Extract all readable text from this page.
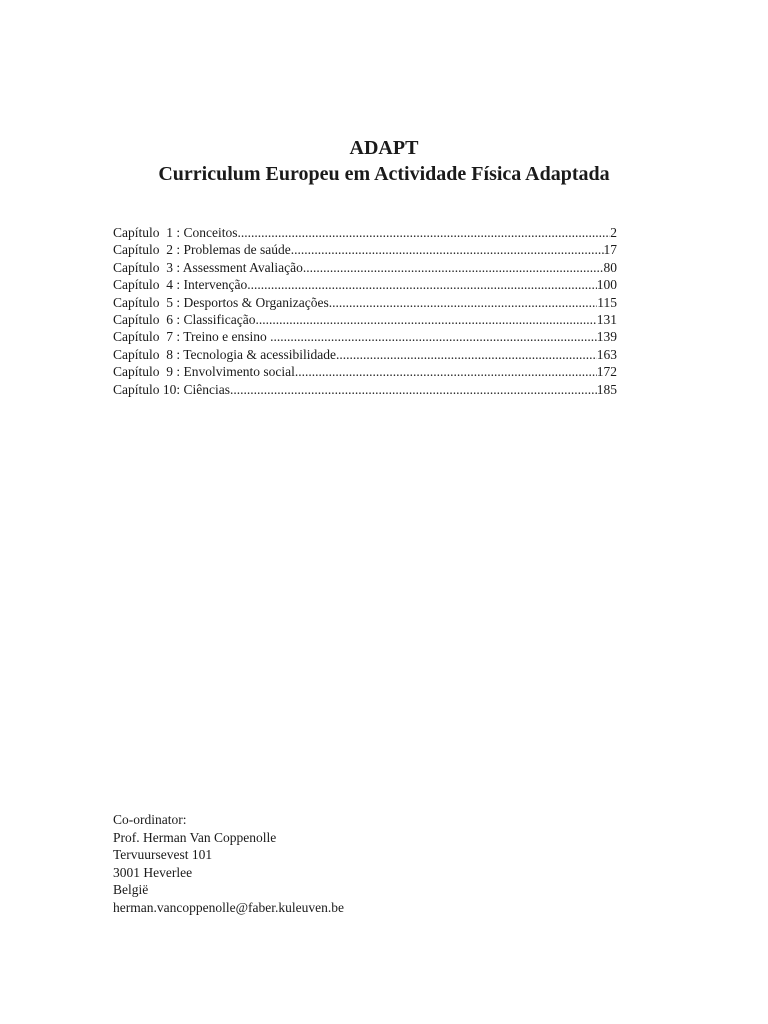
ADAPT
Curriculum Europeu em Actividade Física Adaptada
Capítulo  1 : Conceitos .....	2
Capítulo  2 : Problemas de saúde .....	17
Capítulo  3 : Assessment Avaliação .....	80
Capítulo  4 : Intervenção .....	100
Capítulo  5 : Desportos & Organizações .....	115
Capítulo  6 : Classificação .....	131
Capítulo  7 : Treino e ensino .....	139
Capítulo  8 : Tecnologia & acessibilidade .....	163
Capítulo  9 : Envolvimento social .....	172
Capítulo 10: Ciências .....	185
Co-ordinator:
Prof. Herman Van Coppenolle
Tervuursevest 101
3001 Heverlee
België
herman.vancoppenolle@faber.kuleuven.be
